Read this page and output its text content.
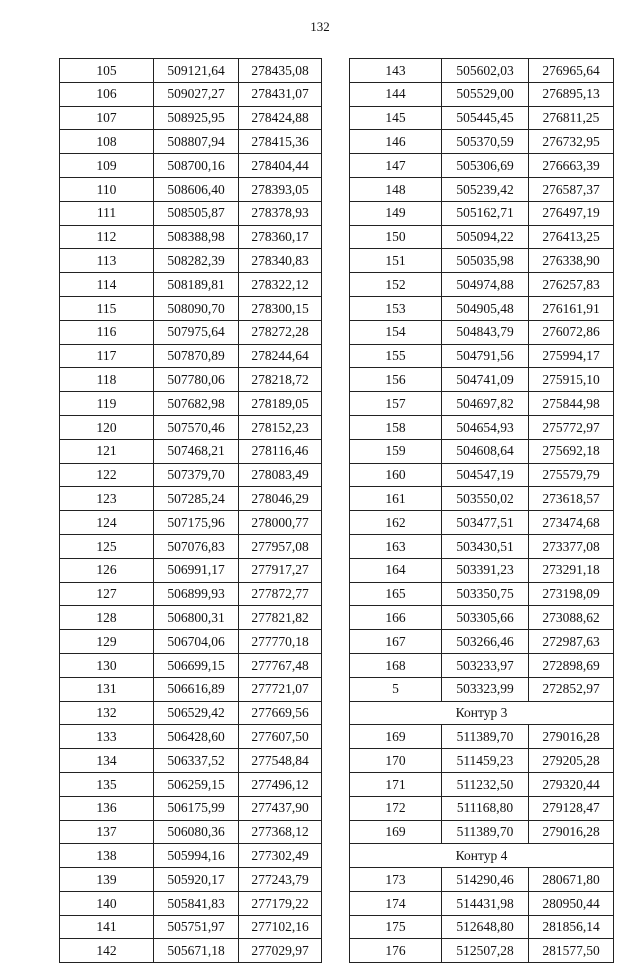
132
105	509121,64	278435,08
106	509027,27	278431,07
107	508925,95	278424,88
108	508807,94	278415,36
109	508700,16	278404,44
110	508606,40	278393,05
111	508505,87	278378,93
112	508388,98	278360,17
113	508282,39	278340,83
114	508189,81	278322,12
115	508090,70	278300,15
116	507975,64	278272,28
117	507870,89	278244,64
118	507780,06	278218,72
119	507682,98	278189,05
120	507570,46	278152,23
121	507468,21	278116,46
122	507379,70	278083,49
123	507285,24	278046,29
124	507175,96	278000,77
125	507076,83	277957,08
126	506991,17	277917,27
127	506899,93	277872,77
128	506800,31	277821,82
129	506704,06	277770,18
130	506699,15	277767,48
131	506616,89	277721,07
132	506529,42	277669,56
133	506428,60	277607,50
134	506337,52	277548,84
135	506259,15	277496,12
136	506175,99	277437,90
137	506080,36	277368,12
138	505994,16	277302,49
139	505920,17	277243,79
140	505841,83	277179,22
141	505751,97	277102,16
142	505671,18	277029,97
143	505602,03	276965,64
144	505529,00	276895,13
145	505445,45	276811,25
146	505370,59	276732,95
147	505306,69	276663,39
148	505239,42	276587,37
149	505162,71	276497,19
150	505094,22	276413,25
151	505035,98	276338,90
152	504974,88	276257,83
153	504905,48	276161,91
154	504843,79	276072,86
155	504791,56	275994,17
156	504741,09	275915,10
157	504697,82	275844,98
158	504654,93	275772,97
159	504608,64	275692,18
160	504547,19	275579,79
161	503550,02	273618,57
162	503477,51	273474,68
163	503430,51	273377,08
164	503391,23	273291,18
165	503350,75	273198,09
166	503305,66	273088,62
167	503266,46	272987,63
168	503233,97	272898,69
5	503323,99	272852,97
Контур 3		
169	511389,70	279016,28
170	511459,23	279205,28
171	511232,50	279320,44
172	511168,80	279128,47
169	511389,70	279016,28
Контур 4		
173	514290,46	280671,80
174	514431,98	280950,44
175	512648,80	281856,14
176	512507,28	281577,50
